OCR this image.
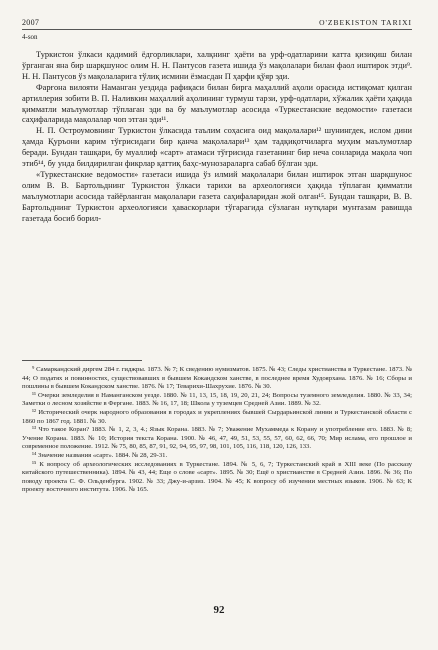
2007	O'ZBEKISTON TARIXI
4-son

Туркистон ўлкаси қадимий ёдгорликлари, халқнинг ҳаёти ва урф-одатларини катта қизиқиш билан ўрганган яна бир шарқшунос олим Н. Н. Пантусов газета ишида ўз мақолалари билан фаол иштирок этди⁹. Н. Н. Пантусов ўз мақолаларига тўлиқ исмини ёзмасдан П ҳарфи қўяр эди.

Фарғона вилояти Наманган уездида рафиқаси билан бирга маҳаллий аҳоли орасида истиқомат қилган артиллерия зобити В. П. Наливкин маҳаллий аҳолининг турмуш тарзи, урф-одатлари, хўжалик ҳаёти ҳақида қимматли маълумотлар тўплаган эди ва бу маълумотлар асосида «Туркестанские ведомости» газетаси саҳифаларида мақолалар чоп этган эди¹¹.

Н. П. Остроумовнинг Туркистон ўлкасида таълим соҳасига оид мақолалари¹² шунингдек, ислом дини ҳамда Қуръони карим тўғрисидаги бир қанча мақолалари¹³ ҳам тадқиқотчиларга муҳим маълумотлар беради. Бундан ташқари, бу муаллиф «сарт» атамаси тўғрисида газетанинг бир неча сонларида мақола чоп этиб¹⁴, бу унда билдирилган фикрлар қаттиқ баҳс-мунозараларга сабаб бўлган эди.

«Туркестанские ведомости» газетаси ишида ўз илмий мақолалари билан иштирок этган шарқшунос олим В. В. Бартольднинг Туркистон ўлкаси тарихи ва археологияси ҳақида тўплаган қимматли маълумотлари асосида тайёрланган мақолалари газета саҳифаларидан жой олган¹⁵. Бундан ташқари, В. В. Бартольднинг Туркистон археологияси ҳаваскорлари тўгарагида сўзлаган нутқлари мунтазам равишда газетада босиб борил-

⁹ Самаркандский диргем 284 г. гиджры. 1873. № 7; К сведению нумизматов. 1875. № 43; Следы христианства в Туркестане. 1873. № 44; О податях и повинностях, существовавших в бывшем Кокандском ханстве, в последнее время Худоярхана. 1876. № 16; Сборы и пошлины в бывшем Кокандском ханстве. 1876. № 17; Теварихи-Шахрухие. 1876. № 30.

¹¹ Очерки земледелия в Наманганском уезде. 1880. № 11, 13, 15, 18, 19, 20, 21, 24; Вопросы туземного земледелия. 1880. № 33, 34; Заметки о лесном хозяйстве в Фергане. 1883. № 16, 17, 18; Школа у туземцев Средней Азии. 1889. № 32.

¹² Исторический очерк народного образования в городах и укреплениях бывшей Сырдарьинской линии и Туркестанской области с 1860 по 1867 год. 1881. № 30.

¹³ Что такое Коран? 1883. № 1, 2, 3, 4.; Язык Корана. 1883. № 7; Уважение Мухаммеда к Корану и употребление его. 1883. № 8; Учение Корана. 1883. № 10; История текста Корана. 1900. № 46, 47, 49, 51, 53, 55, 57, 60, 62, 66, 70; Мир ислама, его прошлое и современное положение. 1912. № 75, 80, 85, 87, 91, 92, 94, 95, 97, 98, 101, 105, 116, 118, 120, 126, 133.

¹⁴ Значение названия «сарт». 1884. № 28, 29-31.

¹⁵ К вопросу об археологических исследованиях в Туркестане. 1894. № 5, 6, 7; Туркестанский край в XIII веке (По рассказу китайского путешественника). 1894. № 43, 44; Еще о слове «сарт». 1895. № 30; Ещё о христианстве в Средней Азии. 1896. № 36; По поводу проекта С. Ф. Ольденбурга. 1902. № 33; Джу-и-арзиз. 1904. № 45; К вопросу об изучении местных языков. 1906. № 63; К проекту восточного института. 1906. № 165.

92
